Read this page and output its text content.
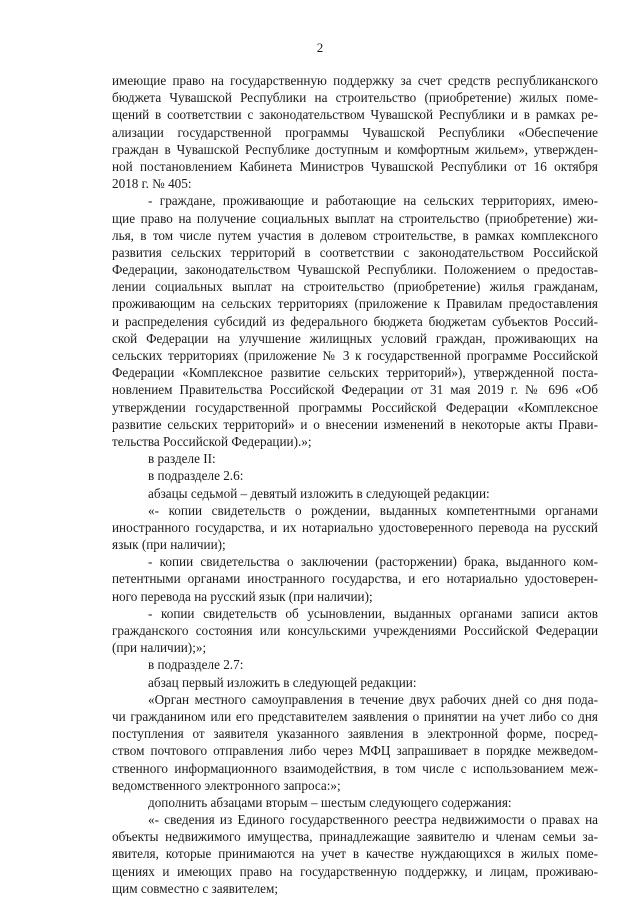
2
имеющие право на государственную поддержку за счет средств республиканского
бюджета Чувашской Республики на строительство (приобретение) жилых поме-
щений в соответствии с законодательством Чувашской Республики и в рамках ре-
ализации государственной программы Чувашской Республики «Обеспечение
граждан в Чувашской Республике доступным и комфортным жильем», утвержден-
ной постановлением Кабинета Министров Чувашской Республики от 16 октября
2018 г. № 405:
- граждане, проживающие и работающие на сельских территориях, имею-
щие право на получение социальных выплат на строительство (приобретение) жи-
лья, в том числе путем участия в долевом строительстве, в рамках комплексного
развития сельских территорий в соответствии с законодательством Российской
Федерации, законодательством Чувашской Республики. Положением о предостав-
лении социальных выплат на строительство (приобретение) жилья гражданам,
проживающим на сельских территориях (приложение к Правилам предоставления
и распределения субсидий из федерального бюджета бюджетам субъектов Россий-
ской Федерации на улучшение жилищных условий граждан, проживающих на
сельских территориях (приложение № 3 к государственной программе Российской
Федерации «Комплексное развитие сельских территорий»), утвержденной поста-
новлением Правительства Российской Федерации от 31 мая 2019 г. № 696 «Об
утверждении государственной программы Российской Федерации «Комплексное
развитие сельских территорий» и о внесении изменений в некоторые акты Прави-
тельства Российской Федерации).»;
в разделе II:
в подразделе 2.6:
абзацы седьмой – девятый изложить в следующей редакции:
«- копии свидетельств о рождении, выданных компетентными органами
иностранного государства, и их нотариально удостоверенного перевода на русский
язык (при наличии);
- копии свидетельства о заключении (расторжении) брака, выданного ком-
петентными органами иностранного государства, и его нотариально удостоверен-
ного перевода на русский язык (при наличии);
- копии свидетельств об усыновлении, выданных органами записи актов
гражданского состояния или консульскими учреждениями Российской Федерации
(при наличии);»;
в подразделе 2.7:
абзац первый изложить в следующей редакции:
«Орган местного самоуправления в течение двух рабочих дней со дня пода-
чи гражданином или его представителем заявления о принятии на учет либо со дня
поступления от заявителя указанного заявления в электронной форме, посред-
ством почтового отправления либо через МФЦ запрашивает в порядке межведом-
ственного информационного взаимодействия, в том числе с использованием меж-
ведомственного электронного запроса:»;
дополнить абзацами вторым – шестым следующего содержания:
«- сведения из Единого государственного реестра недвижимости о правах на
объекты недвижимого имущества, принадлежащие заявителю и членам семьи за-
явителя, которые принимаются на учет в качестве нуждающихся в жилых поме-
щениях и имеющих право на государственную поддержку, и лицам, проживаю-
щим совместно с заявителем;
